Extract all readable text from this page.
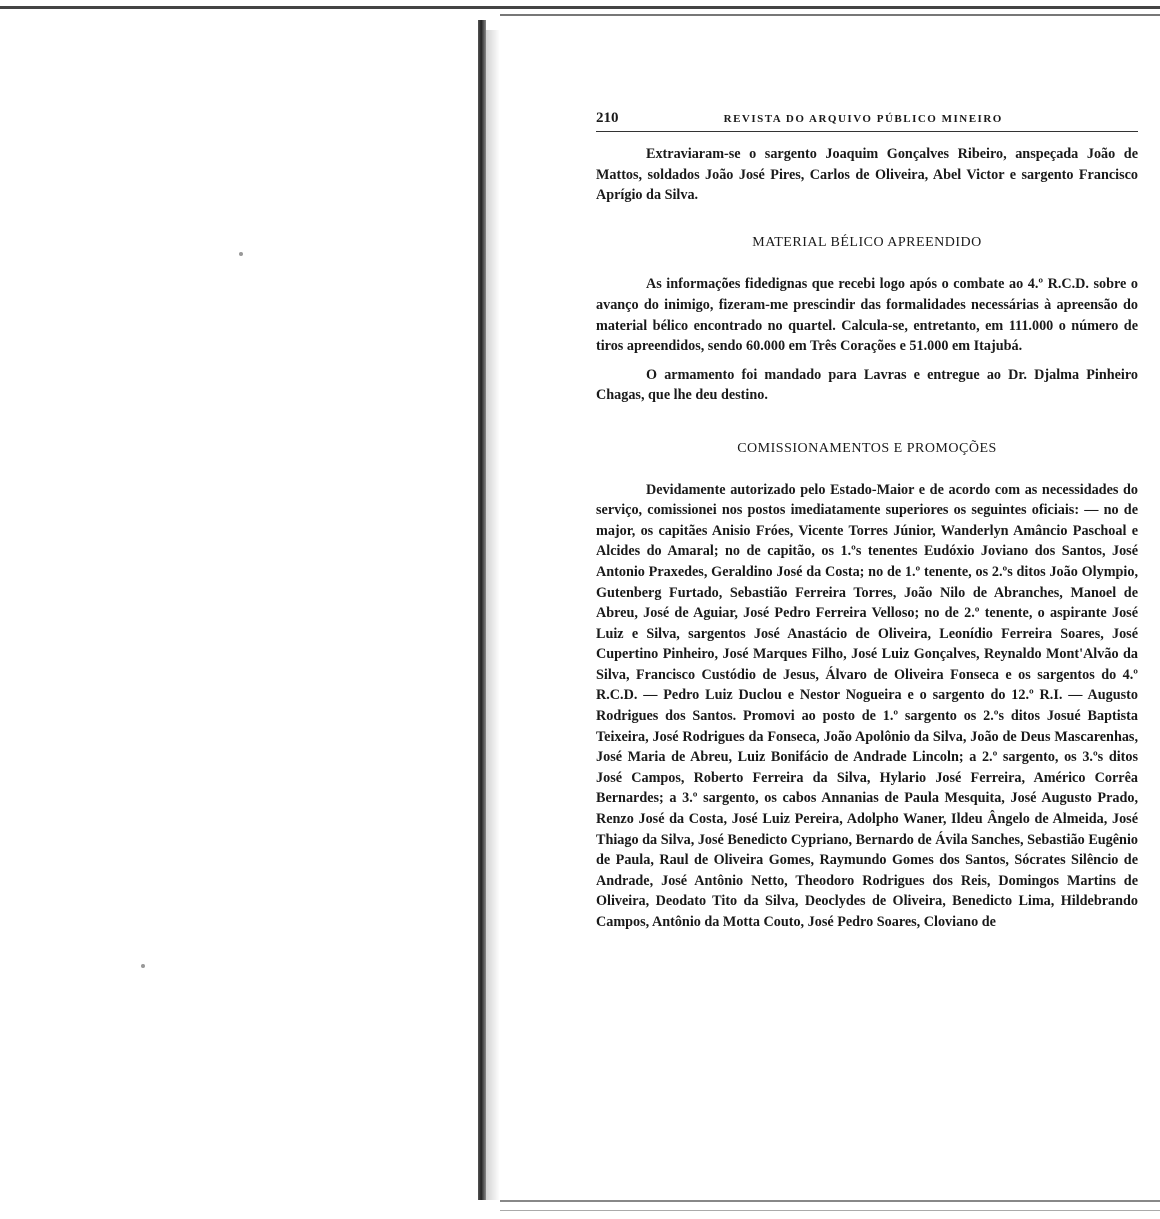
210	REVISTA DO ARQUIVO PÚBLICO MINEIRO

Extraviaram-se o sargento Joaquim Gonçalves Ribeiro, anspeçada João de Mattos, soldados João José Pires, Carlos de Oliveira, Abel Victor e sargento Francisco Aprígio da Silva.

MATERIAL BÉLICO APREENDIDO

As informações fidedignas que recebi logo após o combate ao 4.º R.C.D. sobre o avanço do inimigo, fizeram-me prescindir das formalidades necessárias à apreensão do material bélico encontrado no quartel. Calcula-se, entretanto, em 111.000 o número de tiros apreendidos, sendo 60.000 em Três Corações e 51.000 em Itajubá.

O armamento foi mandado para Lavras e entregue ao Dr. Djalma Pinheiro Chagas, que lhe deu destino.

COMISSIONAMENTOS E PROMOÇÕES

Devidamente autorizado pelo Estado-Maior e de acordo com as necessidades do serviço, comissionei nos postos imediatamente superiores os seguintes oficiais: — no de major, os capitães Anisio Fróes, Vicente Torres Júnior, Wanderlyn Amâncio Paschoal e Alcides do Amaral; no de capitão, os 1.ºs tenentes Eudóxio Joviano dos Santos, José Antonio Praxedes, Geraldino José da Costa; no de 1.º tenente, os 2.ºs ditos João Olympio, Gutenberg Furtado, Sebastião Ferreira Torres, João Nilo de Abranches, Manoel de Abreu, José de Aguiar, José Pedro Ferreira Velloso; no de 2.º tenente, o aspirante José Luiz e Silva, sargentos José Anastácio de Oliveira, Leonídio Ferreira Soares, José Cupertino Pinheiro, José Marques Filho, José Luiz Gonçalves, Reynaldo Mont'Alvão da Silva, Francisco Custódio de Jesus, Álvaro de Oliveira Fonseca e os sargentos do 4.º R.C.D. — Pedro Luiz Duclou e Nestor Nogueira e o sargento do 12.º R.I. — Augusto Rodrigues dos Santos. Promovi ao posto de 1.º sargento os 2.ºs ditos Josué Baptista Teixeira, José Rodrigues da Fonseca, João Apolônio da Silva, João de Deus Mascarenhas, José Maria de Abreu, Luiz Bonifácio de Andrade Lincoln; a 2.º sargento, os 3.ºs ditos José Campos, Roberto Ferreira da Silva, Hylario José Ferreira, Américo Corrêa Bernardes; a 3.º sargento, os cabos Annanias de Paula Mesquita, José Augusto Prado, Renzo José da Costa, José Luiz Pereira, Adolpho Waner, Ildeu Ângelo de Almeida, José Thiago da Silva, José Benedicto Cypriano, Bernardo de Ávila Sanches, Sebastião Eugênio de Paula, Raul de Oliveira Gomes, Raymundo Gomes dos Santos, Sócrates Silêncio de Andrade, José Antônio Netto, Theodoro Rodrigues dos Reis, Domingos Martins de Oliveira, Deodato Tito da Silva, Deoclydes de Oliveira, Benedicto Lima, Hildebrando Campos, Antônio da Motta Couto, José Pedro Soares, Cloviano de
